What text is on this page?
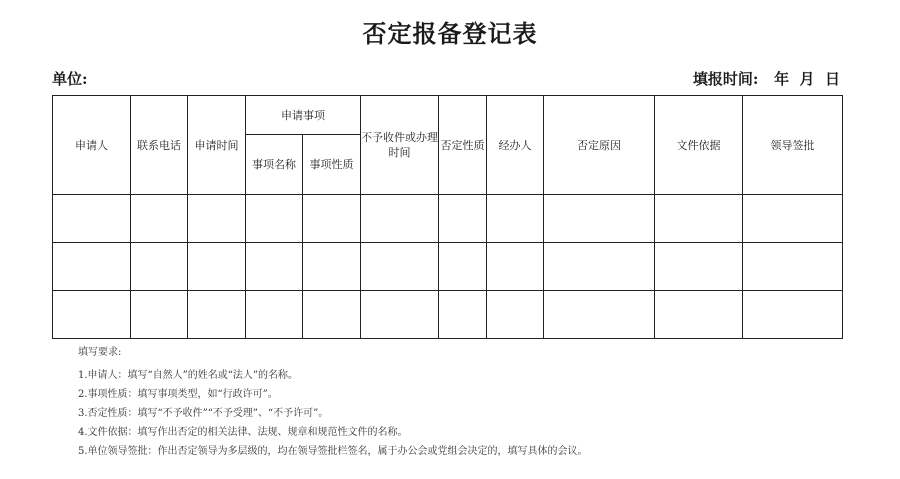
否定报备登记表
单位:	填报时间:   年  月  日
申请人	联系电话	申请时间	申请事项		不予收件或办理时间	否定性质	经办人	否定原因	文件依据	领导签批
			事项名称	事项性质						

填写要求:
1.申请人：填写“自然人”的姓名或“法人”的名称。
2.事项性质：填写事项类型，如“行政许可”。
3.否定性质：填写“不予收件”“不予受理”、“不予许可”。
4.文件依据：填写作出否定的相关法律、法规、规章和规范性文件的名称。
5.单位领导签批：作出否定领导为多层级的，均在领导签批栏签名，属于办公会或党组会决定的，填写具体的会议。
